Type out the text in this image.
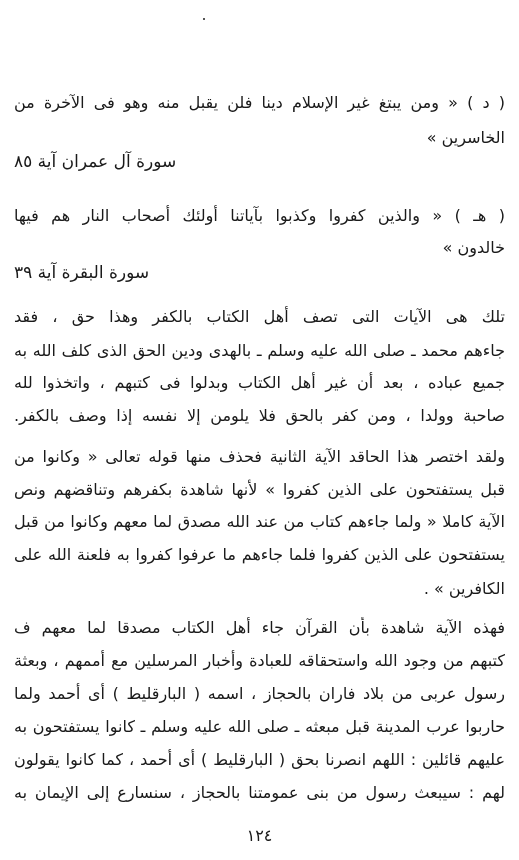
( د ) « ومن يبتغ غير الإسلام دينا فلن يقبل منه وهو فى الآخرة من
الخاسرين »
سورة آل عمران آية ٨٥
( هـ ) « والذين كفروا وكذبوا بآياتنا أولئك أصحاب النار هم فيها
خالدون »
سورة البقرة آية ٣٩
تلك هى الآيات التى تصف أهل الكتاب بالكفر وهذا حق ، فقد
جاءهم محمد ـ صلى الله عليه وسلم ـ بالهدى ودين الحق الذى كلف الله به
جميع عباده ، بعد أن غير أهل الكتاب وبدلوا فى كتبهم ، واتخذوا لله
صاحبة وولدا ، ومن كفر بالحق فلا يلومن إلا نفسه إذا وصف بالكفر.
ولقد اختصر هذا الحاقد الآية الثانية فحذف منها قوله تعالى « وكانوا من
قبل يستفتحون على الذين كفروا » لأنها شاهدة بكفرهم وتناقضهم ونص
الآية كاملا « ولما جاءهم كتاب من عند الله مصدق لما معهم وكانوا من قبل
يستفتحون على الذين كفروا فلما جاءهم ما عرفوا كفروا به فلعنة الله على
الكافرين » .
فهذه الآية شاهدة بأن القرآن جاء أهل الكتاب مصدقا لما معهم ف
كتبهم من وجود الله واستحقاقه للعبادة وأخبار المرسلين مع أممهم ، وبعثة
رسول عربى من بلاد فاران بالحجاز ، اسمه ( البارقليط ) أى أحمد ولما
حاربوا عرب المدينة قبل مبعثه ـ صلى الله عليه وسلم ـ كانوا يستفتحون به
عليهم قائلين : اللهم انصرنا بحق ( البارقليط ) أى أحمد ، كما كانوا يقولون
لهم : سيبعث رسول من بنى عمومتنا بالحجاز ، سنسارع إلى الإيمان به
١٢٤
